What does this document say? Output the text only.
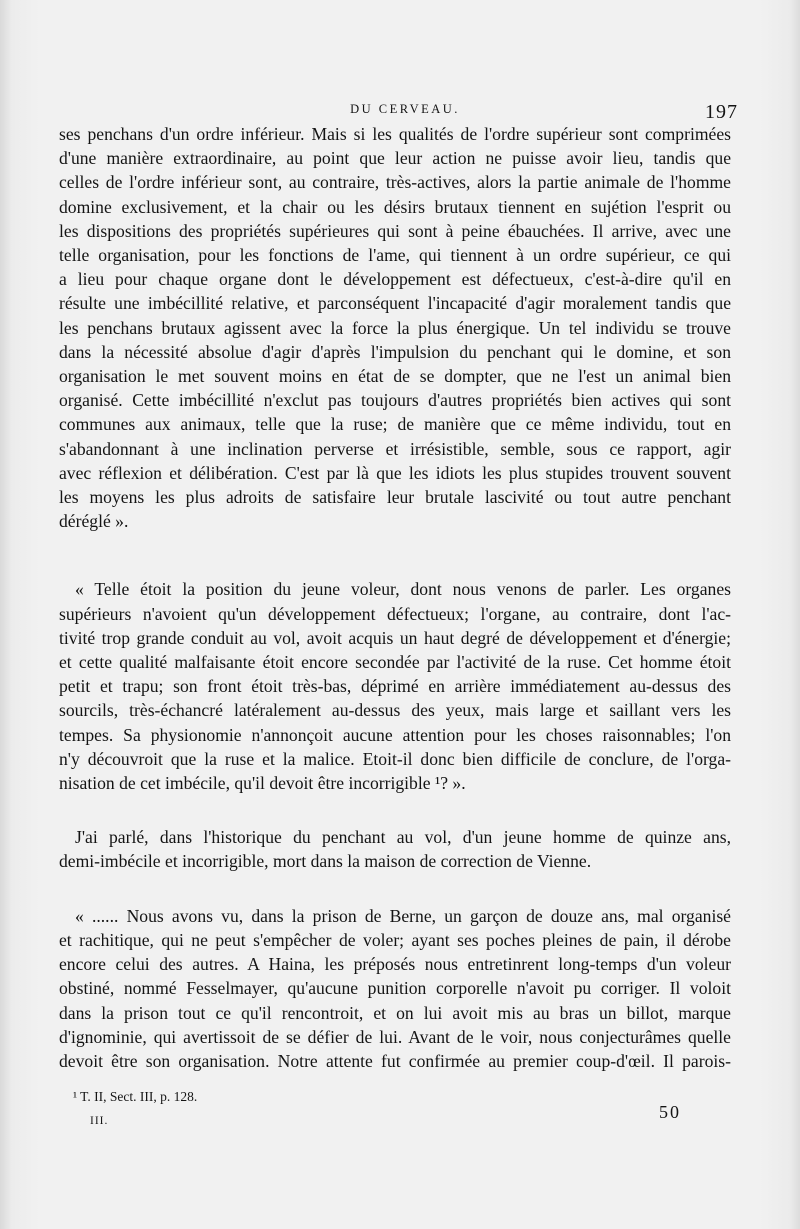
DU CERVEAU.	197
ses penchans d'un ordre inférieur. Mais si les qualités de l'ordre supérieur sont comprimées
d'une manière extraordinaire, au point que leur action ne puisse avoir lieu, tandis que
celles de l'ordre inférieur sont, au contraire, très-actives, alors la partie animale de l'homme
domine exclusivement, et la chair ou les désirs brutaux tiennent en sujétion l'esprit ou
les dispositions des propriétés supérieures qui sont à peine ébauchées. Il arrive, avec une
telle organisation, pour les fonctions de l'ame, qui tiennent à un ordre supérieur, ce qui
a lieu pour chaque organe dont le développement est défectueux, c'est-à-dire qu'il en
résulte une imbécillité relative, et parconséquent l'incapacité d'agir moralement tandis que
les penchans brutaux agissent avec la force la plus énergique. Un tel individu se trouve
dans la nécessité absolue d'agir d'après l'impulsion du penchant qui le domine, et son
organisation le met souvent moins en état de se dompter, que ne l'est un animal bien
organisé. Cette imbécillité n'exclut pas toujours d'autres propriétés bien actives qui sont
communes aux animaux, telle que la ruse; de manière que ce même individu, tout en
s'abandonnant à une inclination perverse et irrésistible, semble, sous ce rapport, agir
avec réflexion et délibération. C'est par là que les idiots les plus stupides trouvent souvent
les moyens les plus adroits de satisfaire leur brutale lascivité ou tout autre penchant
déréglé ».
« Telle étoit la position du jeune voleur, dont nous venons de parler. Les organes
supérieurs n'avoient qu'un développement défectueux; l'organe, au contraire, dont l'ac-
tivité trop grande conduit au vol, avoit acquis un haut degré de développement et d'énergie;
et cette qualité malfaisante étoit encore secondée par l'activité de la ruse. Cet homme étoit
petit et trapu; son front étoit très-bas, déprimé en arrière immédiatement au-dessus des
sourcils, très-échancré latéralement au-dessus des yeux, mais large et saillant vers les
tempes. Sa physionomie n'annonçoit aucune attention pour les choses raisonnables; l'on
n'y découvroit que la ruse et la malice. Etoit-il donc bien difficile de conclure, de l'orga-
nisation de cet imbécile, qu'il devoit être incorrigible ¹? ».
J'ai parlé, dans l'historique du penchant au vol, d'un jeune homme de quinze ans,
demi-imbécile et incorrigible, mort dans la maison de correction de Vienne.
« ...... Nous avons vu, dans la prison de Berne, un garçon de douze ans, mal organisé
et rachitique, qui ne peut s'empêcher de voler; ayant ses poches pleines de pain, il dérobe
encore celui des autres. A Haina, les préposés nous entretinrent long-temps d'un voleur
obstiné, nommé Fesselmayer, qu'aucune punition corporelle n'avoit pu corriger. Il voloit
dans la prison tout ce qu'il rencontroit, et on lui avoit mis au bras un billot, marque
d'ignominie, qui avertissoit de se défier de lui. Avant de le voir, nous conjecturâmes quelle
devoit être son organisation. Notre attente fut confirmée au premier coup-d'œil. Il parois-
¹ T. II, Sect. III, p. 128.
III.	50
